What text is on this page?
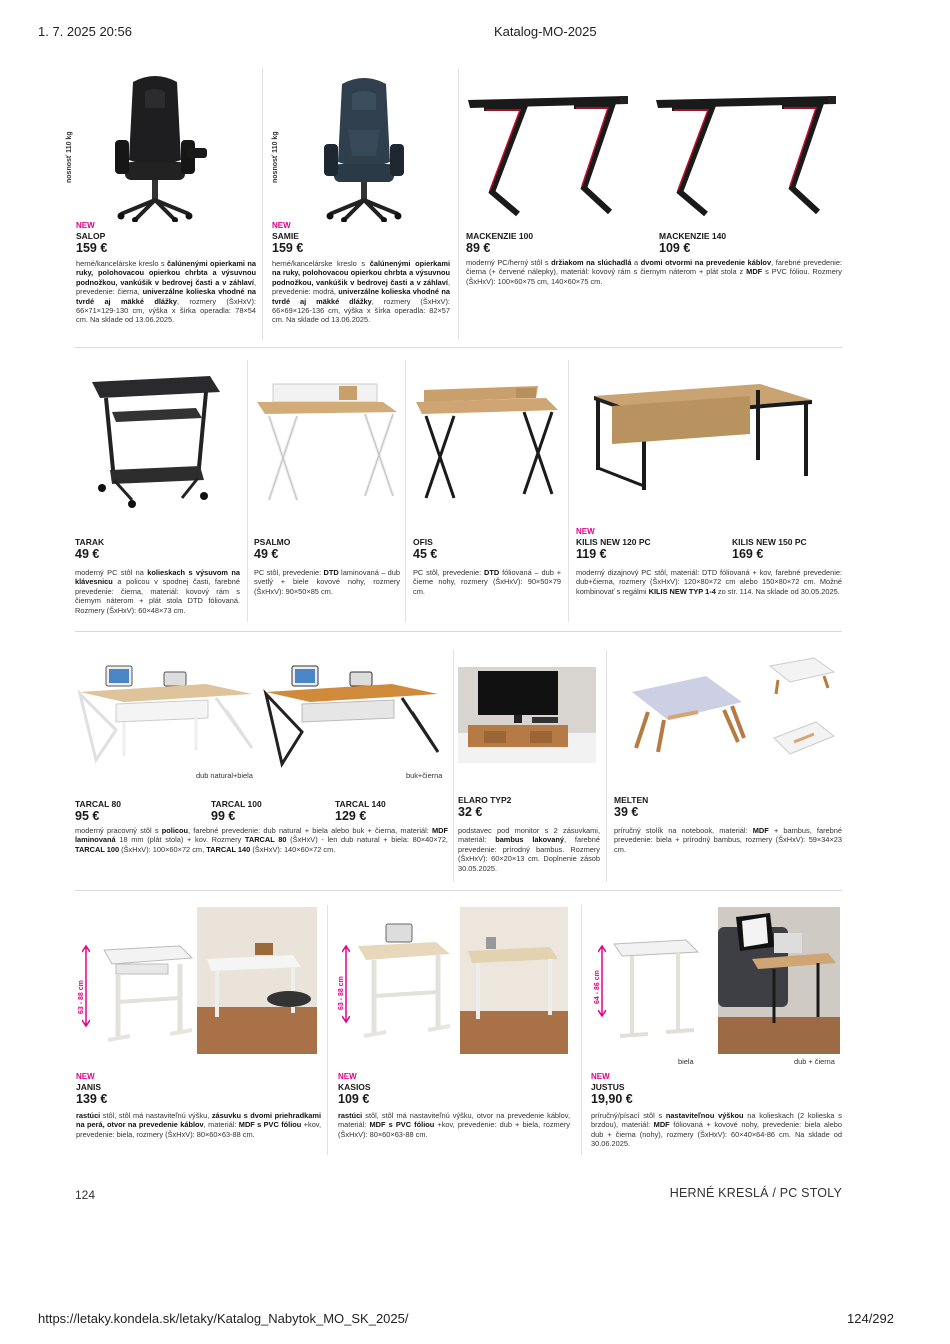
1. 7. 2025 20:56	Katalog-MO-2025
https://letaky.kondela.sk/letaky/Katalog_Nabytok_MO_SK_2025/	124/292
nosnosť 110 kg
NEW
SALOP
159 €
herné/kancelárske kreslo s čalúnenými opierkami na ruky, polohovacou opierkou chrbta a výsuvnou podnožkou, vankúšik v bedrovej časti a v záhlaví, prevedenie: čierna, univerzálne kolieska vhodné na tvrdé aj mäkké dlážky, rozmery (ŠxHxV): 66×71×129-130 cm, výška x šírka operadla: 78×54 cm. Na sklade od 13.06.2025.
nosnosť 110 kg
NEW
SAMIE
159 €
herné/kancelárske kreslo s čalúnenými opierkami na ruky, polohovacou opierkou chrbta a výsuvnou podnožkou, vankúšik v bedrovej časti a v záhlaví, prevedenie: modrá, univerzálne kolieska vhodné na tvrdé aj mäkké dlážky, rozmery (ŠxHxV): 66×69×126-136 cm, výška x šírka operadla: 82×57 cm. Na sklade od 13.06.2025.
MACKENZIE 100
89 €
MACKENZIE 140
109 €
moderný PC/herný stôl s držiakom na slúchadlá a dvomi otvormi na prevedenie káblov, farebné prevedenie: čierna (+ červené nálepky), materiál: kovový rám s čiernym náterom + plát stola z MDF s PVC fóliou. Rozmery (ŠxHxV): 100×60×75 cm, 140×60×75 cm.
TARAK
49 €
moderný PC stôl na kolieskach s výsuvom na klávesnicu a policou v spodnej časti, farebné prevedenie: čierna, materiál: kovový rám s čiernym náterom + plát stola DTD fóliovaná. Rozmery (ŠxHxV): 60×48×73 cm.
PSALMO
49 €
PC stôl, prevedenie: DTD laminovaná – dub svetlý + biele kovové nohy, rozmery (ŠxHxV): 90×50×85 cm.
OFIS
45 €
PC stôl, prevedenie: DTD fóliovaná – dub + čierne nohy, rozmery (ŠxHxV): 90×50×79 cm.
NEW
KILIS NEW 120 PC
119 €
KILIS NEW 150 PC
169 €
moderný dizajnový PC stôl, materiál: DTD fóliovaná + kov, farebné prevedenie: dub+čierna, rozmery (ŠxHxV): 120×80×72 cm alebo 150×80×72 cm. Možné kombinovať s regálmi KILIS NEW TYP 1-4 zo str. 114. Na sklade od 30.05.2025.
dub natural+biela	buk+čierna
TARCAL 80
95 €
TARCAL 100
99 €
TARCAL 140
129 €
moderný pracovný stôl s policou, farebné prevedenie: dub natural + biela alebo buk + čierna, materiál: MDF laminovaná 18 mm (plát stola) + kov. Rozmery TARCAL 80 (ŠxHxV) - len dub natural + biela: 80×40×72, TARCAL 100 (ŠxHxV): 100×60×72 cm, TARCAL 140 (ŠxHxV): 140×60×72 cm.
ELARO TYP2
32 €
podstavec pod monitor s 2 zásuvkami, materiál: bambus lakovaný, farebné prevedenie: prírodný bambus. Rozmery (ŠxHxV): 60×20×13 cm. Doplnenie zásob 30.05.2025.
MELTEN
39 €
príručný stolík na notebook, materiál: MDF + bambus, farebné prevedenie: biela + prírodný bambus, rozmery (ŠxHxV): 59×34×23 cm.
63 - 88 cm
NEW
JANIS
139 €
rastúci stôl, stôl má nastaviteľnú výšku, zásuvku s dvomi priehradkami na perá, otvor na prevedenie káblov, materiál: MDF s PVC fóliou +kov, prevedenie: biela, rozmery (ŠxHxV): 80×60×63-88 cm.
63 - 88 cm
NEW
KASIOS
109 €
rastúci stôl, stôl má nastaviteľnú výšku, otvor na prevedenie káblov, materiál: MDF s PVC fóliou +kov, prevedenie: dub + biela, rozmery (ŠxHxV): 80×60×63-88 cm.
64 - 86 cm
biela	dub + čierna
NEW
JUSTUS
19,90 €
príručný/písací stôl s nastaviteľnou výškou na kolieskach (2 kolieska s brzdou), materiál: MDF fóliovaná + kovové nohy, prevedenie: biela alebo dub + čierna (nohy), rozmery (ŠxHxV): 60×40×64-86 cm. Na sklade od 30.06.2025.
124	HERNÉ KRESLÁ / PC STOLY
